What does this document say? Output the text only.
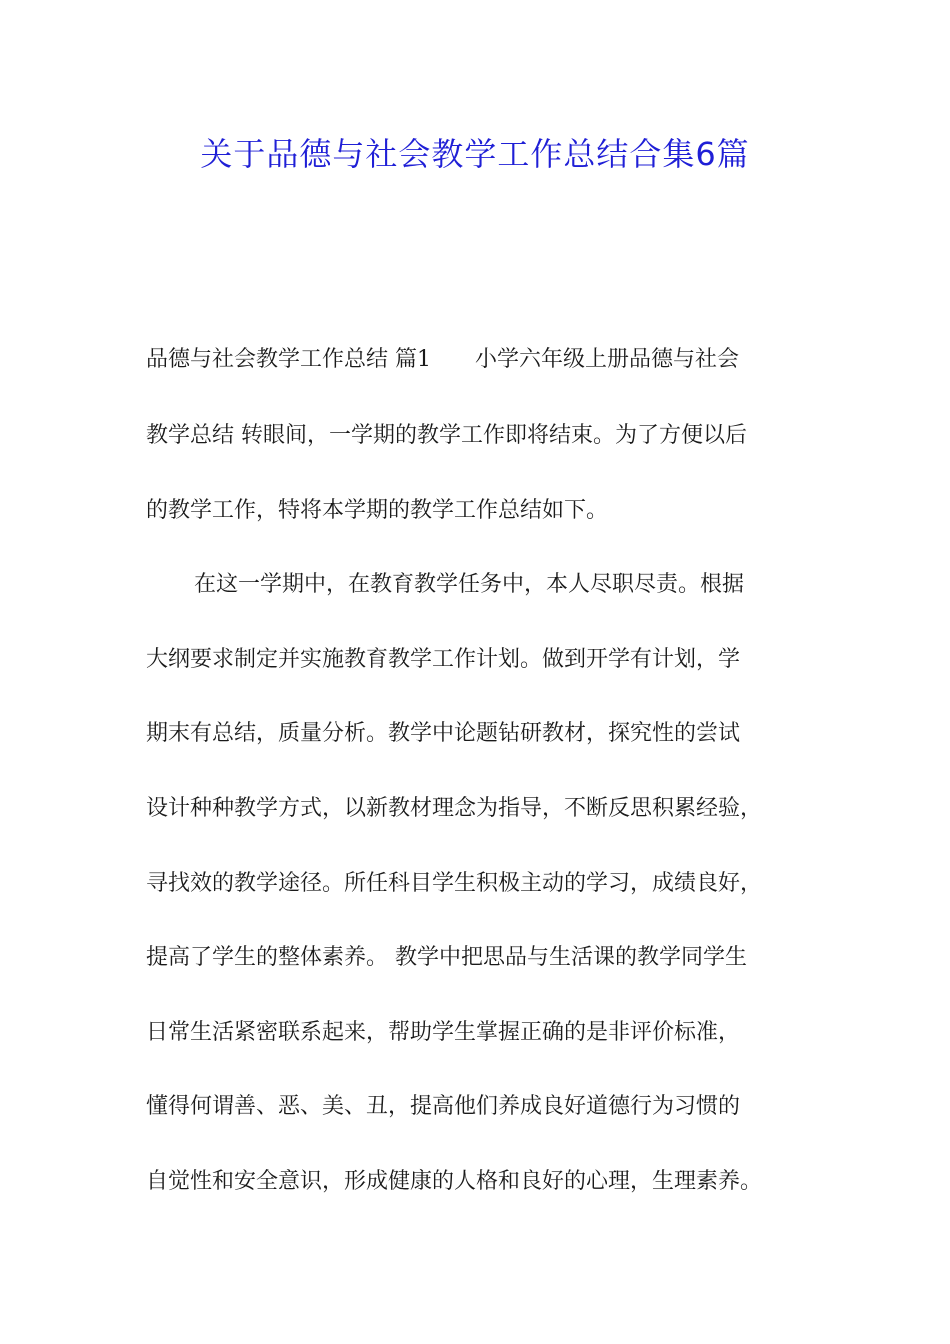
关于品德与社会教学工作总结合集6篇
品德与社会教学工作总结 篇1　　小学六年级上册品德与社会
教学总结 转眼间，一学期的教学工作即将结束。为了方便以后
的教学工作，特将本学期的教学工作总结如下。
在这一学期中，在教育教学任务中，本人尽职尽责。根据
大纲要求制定并实施教育教学工作计划。做到开学有计划，学
期末有总结，质量分析。教学中论题钻研教材，探究性的尝试
设计种种教学方式，以新教材理念为指导，不断反思积累经验，
寻找效的教学途径。所任科目学生积极主动的学习，成绩良好，
提高了学生的整体素养。 教学中把思品与生活课的教学同学生
日常生活紧密联系起来，帮助学生掌握正确的是非评价标准，
懂得何谓善、恶、美、丑，提高他们养成良好道德行为习惯的
自觉性和安全意识，形成健康的人格和良好的心理，生理素养。
